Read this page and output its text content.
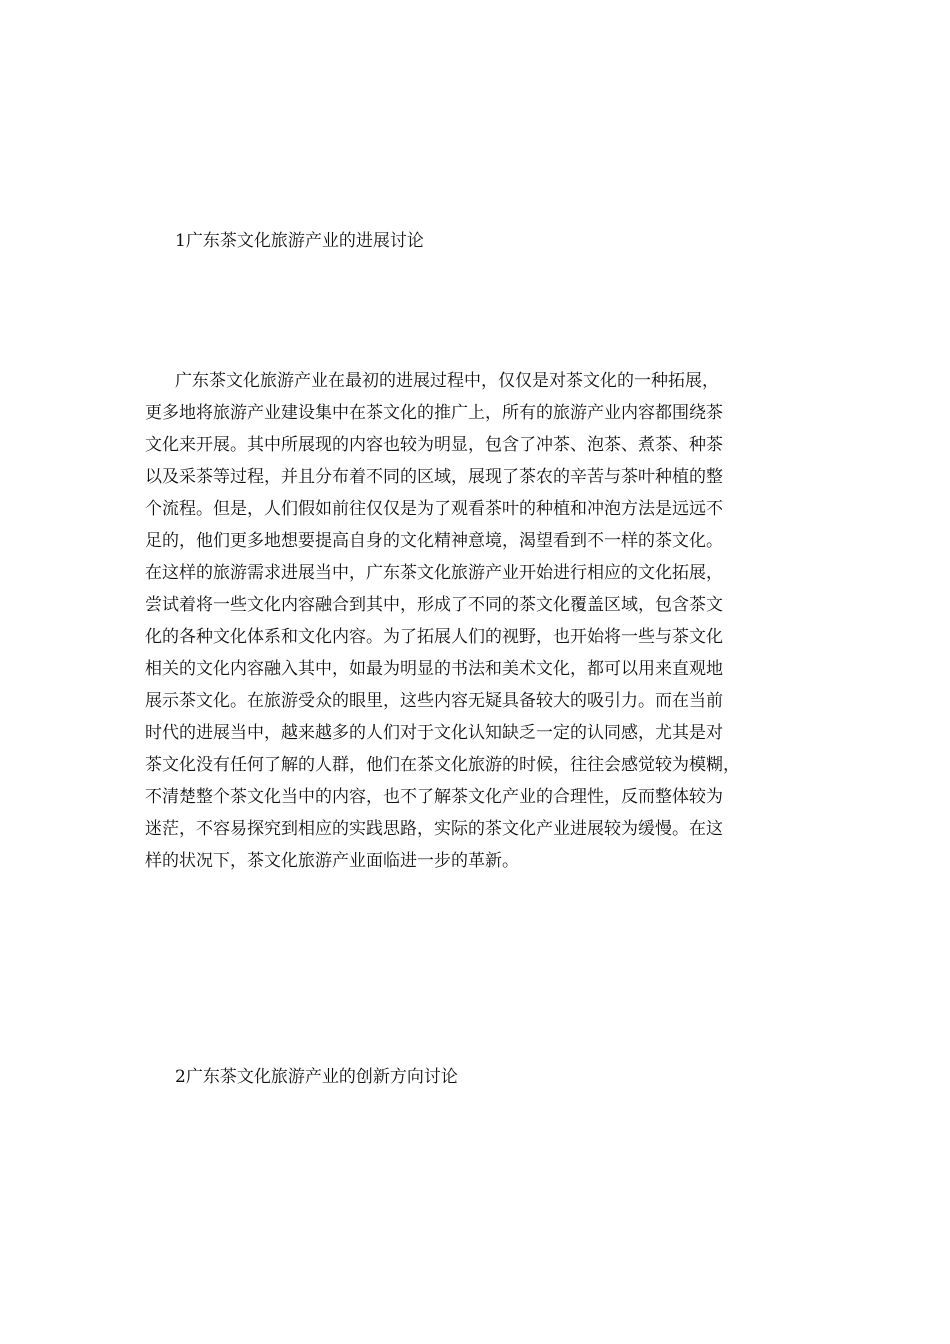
1广东茶文化旅游产业的进展讨论
广东茶文化旅游产业在最初的进展过程中，仅仅是对茶文化的一种拓展，
更多地将旅游产业建设集中在茶文化的推广上，所有的旅游产业内容都围绕茶
文化来开展。其中所展现的内容也较为明显，包含了冲茶、泡茶、煮茶、种茶
以及采茶等过程，并且分布着不同的区域，展现了茶农的辛苦与茶叶种植的整
个流程。但是，人们假如前往仅仅是为了观看茶叶的种植和冲泡方法是远远不
足的，他们更多地想要提高自身的文化精神意境，渴望看到不一样的茶文化。
在这样的旅游需求进展当中，广东茶文化旅游产业开始进行相应的文化拓展，
尝试着将一些文化内容融合到其中，形成了不同的茶文化覆盖区域，包含茶文
化的各种文化体系和文化内容。为了拓展人们的视野，也开始将一些与茶文化
相关的文化内容融入其中，如最为明显的书法和美术文化，都可以用来直观地
展示茶文化。在旅游受众的眼里，这些内容无疑具备较大的吸引力。而在当前
时代的进展当中，越来越多的人们对于文化认知缺乏一定的认同感，尤其是对
茶文化没有任何了解的人群，他们在茶文化旅游的时候，往往会感觉较为模糊，
不清楚整个茶文化当中的内容，也不了解茶文化产业的合理性，反而整体较为
迷茫，不容易探究到相应的实践思路，实际的茶文化产业进展较为缓慢。在这
样的状况下，茶文化旅游产业面临进一步的革新。
2广东茶文化旅游产业的创新方向讨论
